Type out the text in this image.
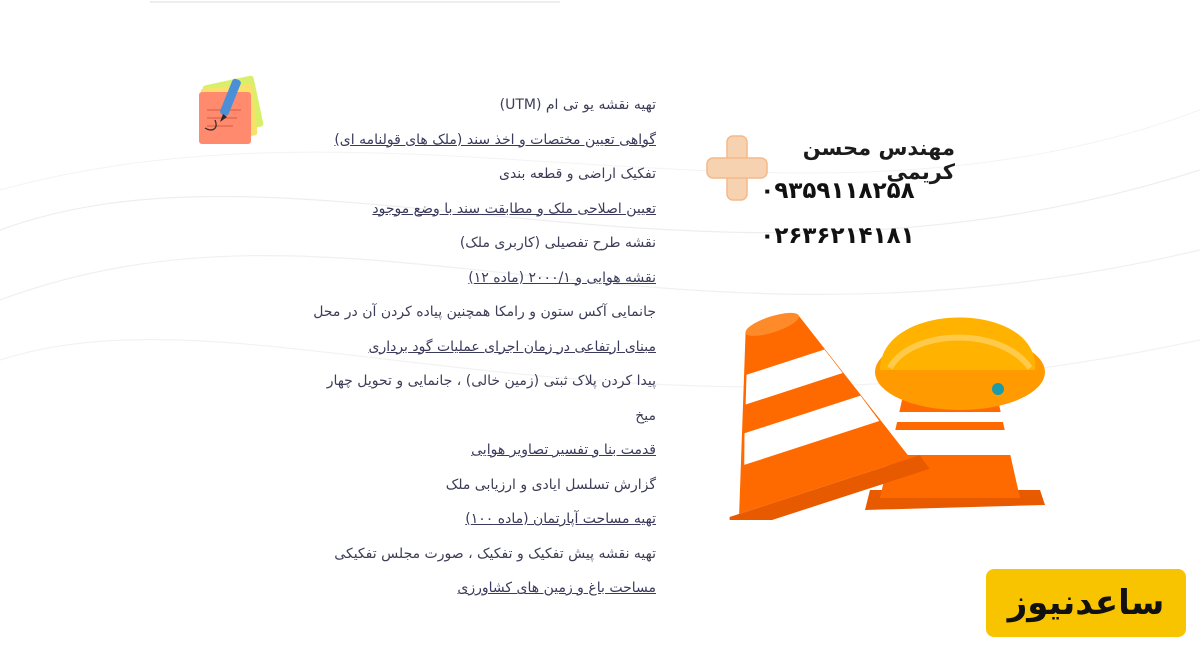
تهیه نقشه یو تی ام (UTM)
گواهی تعیین مختصات و اخذ سند (ملک های قولنامه ای)
تفکیک اراضی و قطعه بندی
تعیین اصلاحی ملک و مطابقت سند با وضع موجود
نقشه طرح تفصیلی (کاربری ملک)
نقشه هوایی و ۲۰۰۰/۱ (ماده ۱۲)
جانمایی آکس ستون و رامکا همچنین پیاده کردن آن در محل
مبنای ارتفاعی در زمان اجرای عملیات گود برداری
پیدا کردن پلاک ثبتی (زمین خالی) ، جانمایی و تحویل چهار
میخ
قدمت بنا و تفسیر تصاویر هوایی
گزارش تسلسل ایادی و ارزیابی ملک
تهیه مساحت آپارتمان (ماده ۱۰۰)
تهیه نقشه پیش تفکیک و تفکیک ، صورت مجلس تفکیکی
مساحت باغ و زمین های کشاورزی
مهندس محسن کریمی
۰۹۳۵۹۱۱۸۲۵۸
۰۲۶۳۶۲۱۴۱۸۱
ساعدنیوز
